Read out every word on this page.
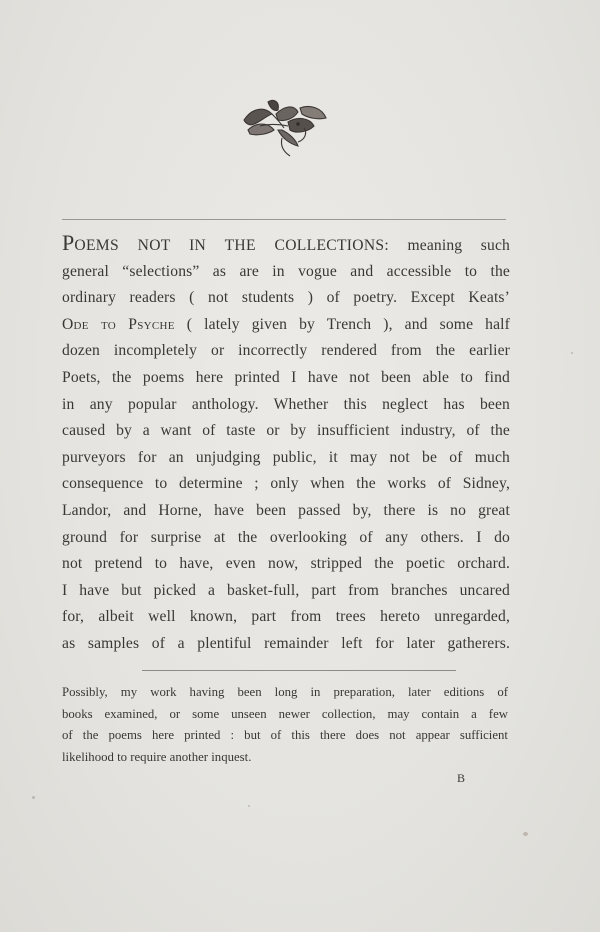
POEMS NOT IN THE COLLECTIONS: meaning such
general “selections” as are in vogue and accessible to the
ordinary readers ( not students ) of poetry. Except Keats’
Ode to Psyche ( lately given by Trench ), and some half
dozen incompletely or incorrectly rendered from the earlier
Poets, the poems here printed I have not been able to find
in any popular anthology. Whether this neglect has been
caused by a want of taste or by insufficient industry, of the
purveyors for an unjudging public, it may not be of much
consequence to determine ; only when the works of Sidney,
Landor, and Horne, have been passed by, there is no great
ground for surprise at the overlooking of any others. I do
not pretend to have, even now, stripped the poetic orchard.
I have but picked a basket-full, part from branches uncared
for, albeit well known, part from trees hereto unregarded,
as samples of a plentiful remainder left for later gatherers.
Possibly, my work having been long in preparation, later editions of
books examined, or some unseen newer collection, may contain a few
of the poems here printed : but of this there does not appear sufficient
likelihood to require another inquest.
B
